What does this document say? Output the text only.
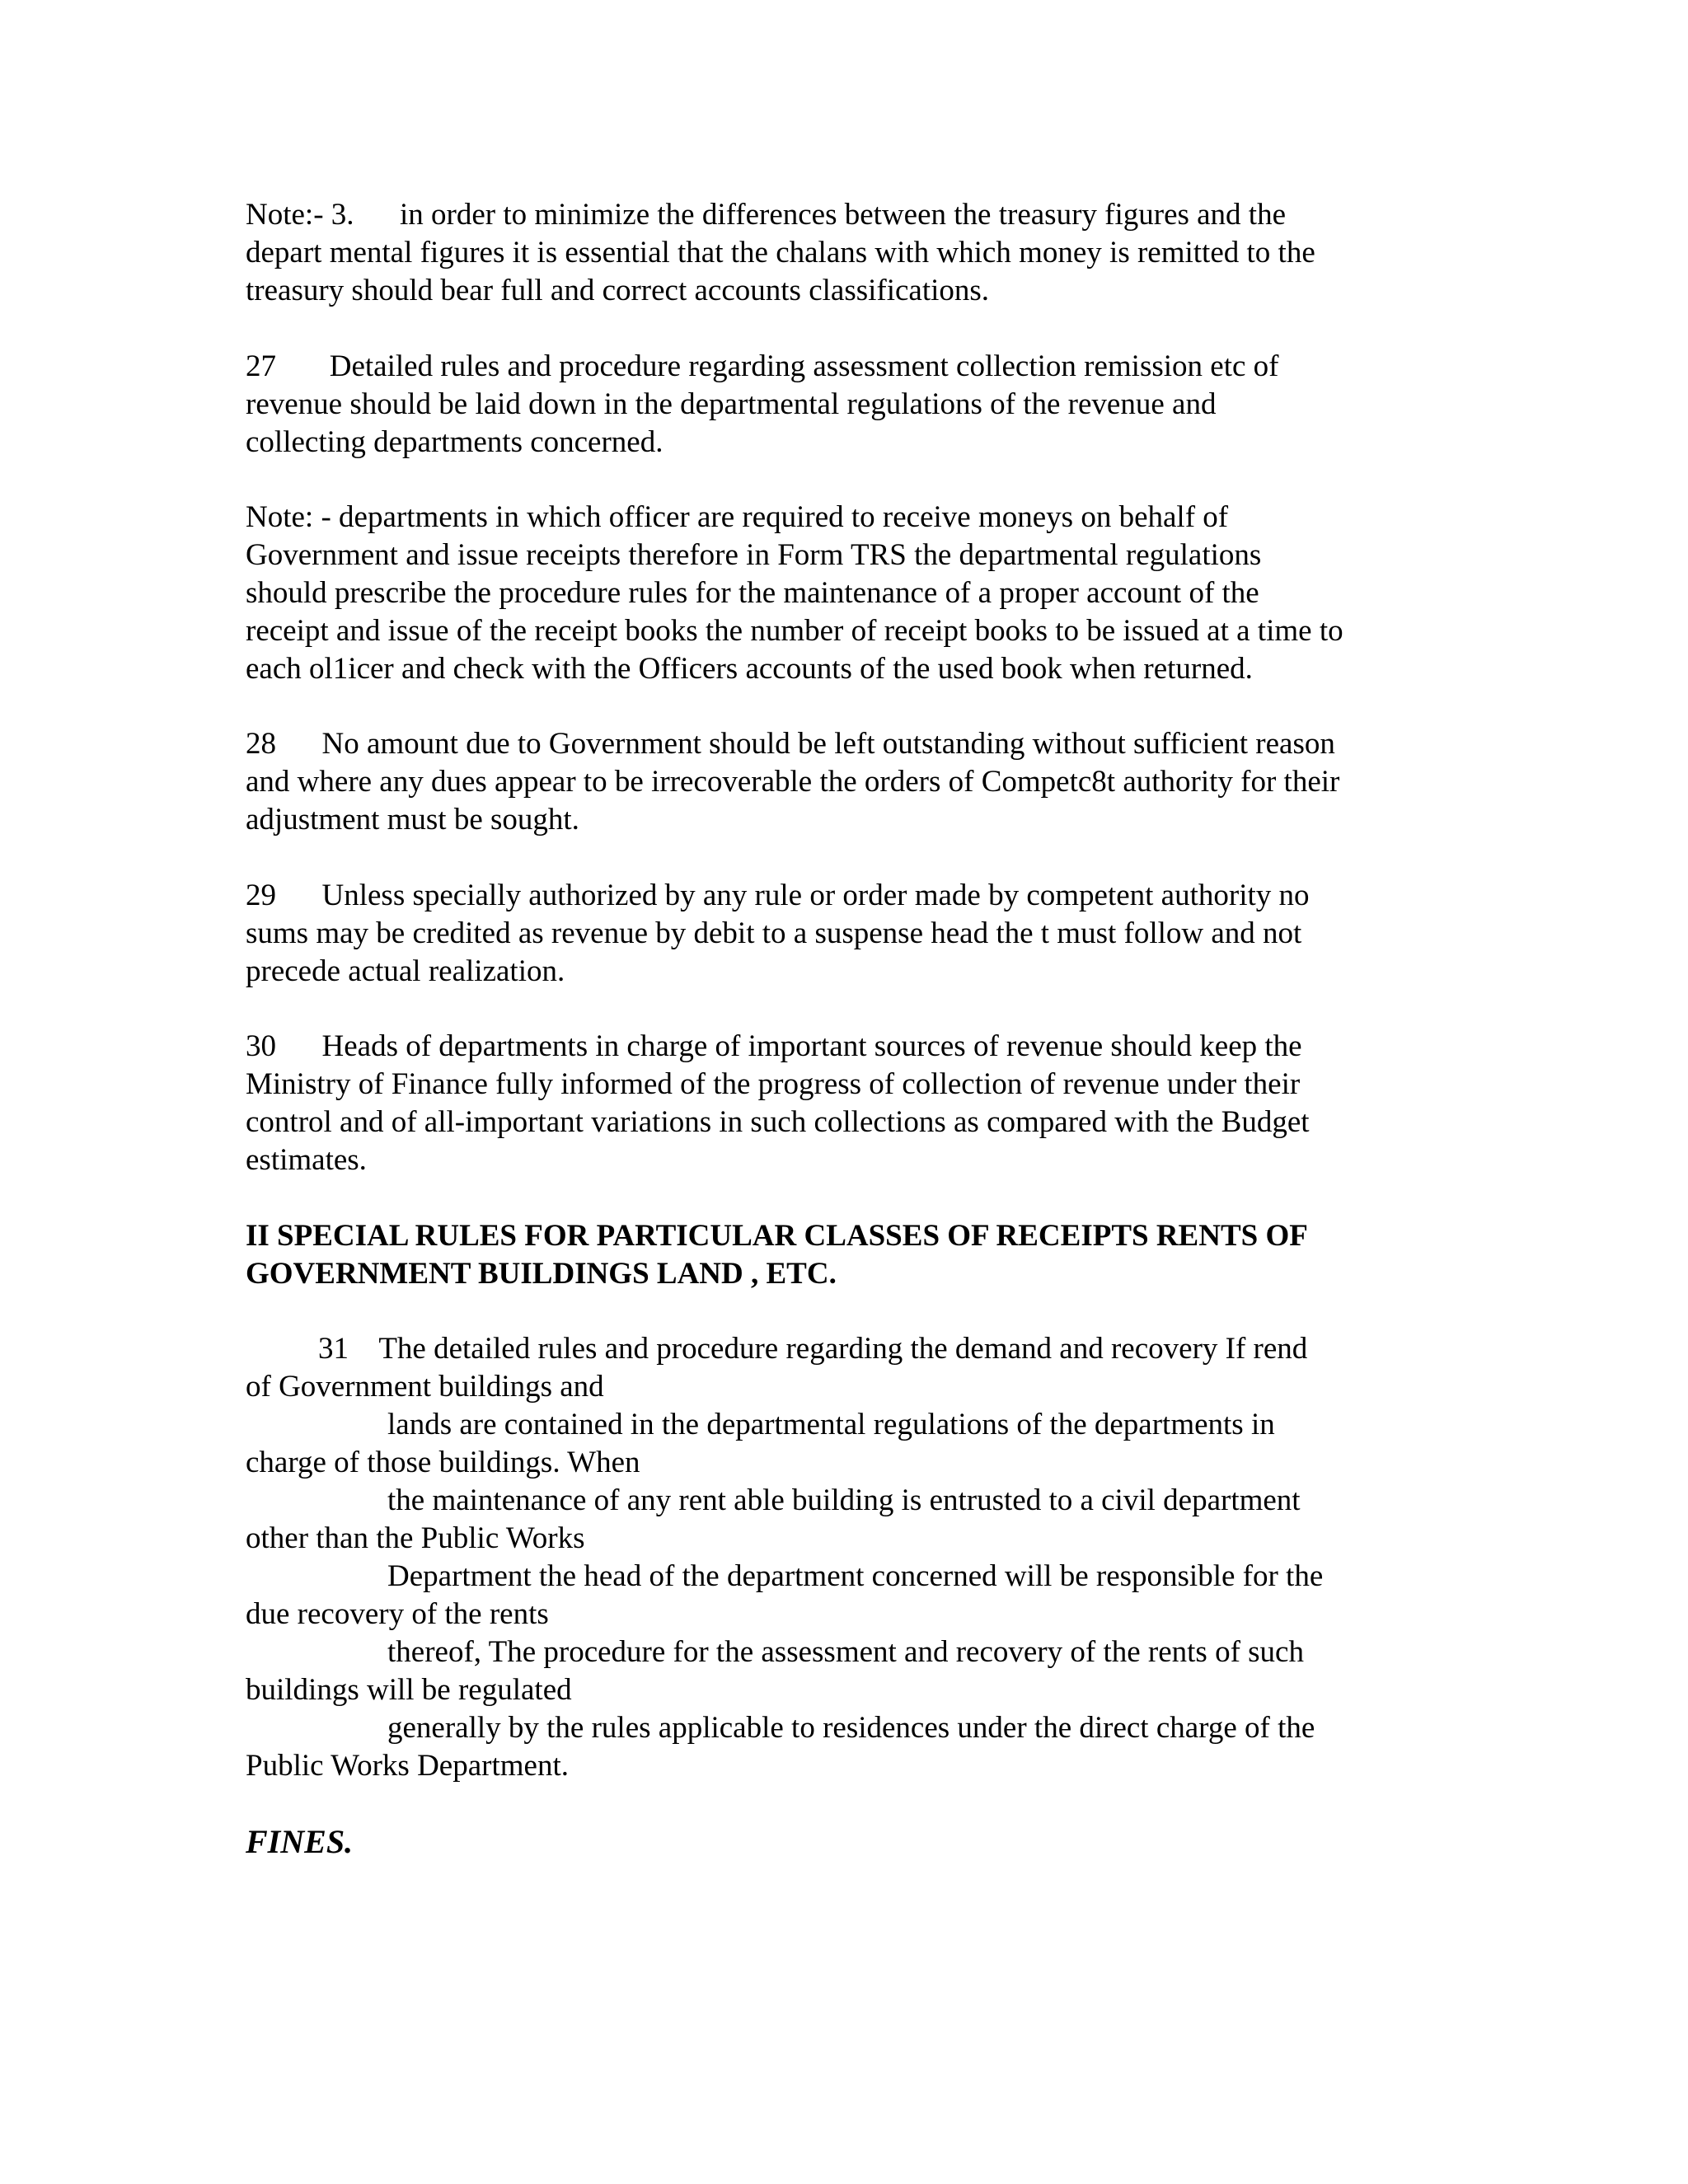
Note:- 3.      in order to minimize the differences between the treasury figures and the
depart mental figures it is essential that the chalans with which money is remitted to the
treasury should bear full and correct accounts classifications.
27       Detailed rules and procedure regarding assessment collection remission etc of
revenue should be laid down in the departmental regulations of the revenue and
collecting departments concerned.
Note: - departments in which officer are required to receive moneys on behalf of
Government and issue receipts therefore in Form TRS the departmental regulations
should prescribe the procedure rules for the maintenance of a proper account of the
receipt and issue of the receipt books the number of receipt books to be issued at a time to
each ol1icer and check with the Officers accounts of the used book when returned.
28      No amount due to Government should be left outstanding without sufficient reason
and where any dues appear to be irrecoverable the orders of Competc8t authority for their
adjustment must be sought.
29      Unless specially authorized by any rule or order made by competent authority no
sums may be credited as revenue by debit to a suspense head the t must follow and not
precede actual realization.
30      Heads of departments in charge of important sources of revenue should keep the
Ministry of Finance fully informed of the progress of collection of revenue under their
control and of all-important variations in such collections as compared with the Budget
estimates.
II SPECIAL RULES FOR PARTICULAR CLASSES OF RECEIPTS RENTS OF
GOVERNMENT BUILDINGS LAND , ETC.
31    The detailed rules and procedure regarding the demand and recovery If rend
of Government buildings and
lands are contained in the departmental regulations of the departments in
charge of those buildings. When
the maintenance of any rent able building is entrusted to a civil department
other than the Public Works
Department the head of the department concerned will be responsible for the
due recovery of the rents
thereof, The procedure for the assessment and recovery of the rents of such
buildings will be regulated
generally by the rules applicable to residences under the direct charge of the
Public Works Department.
FINES.
